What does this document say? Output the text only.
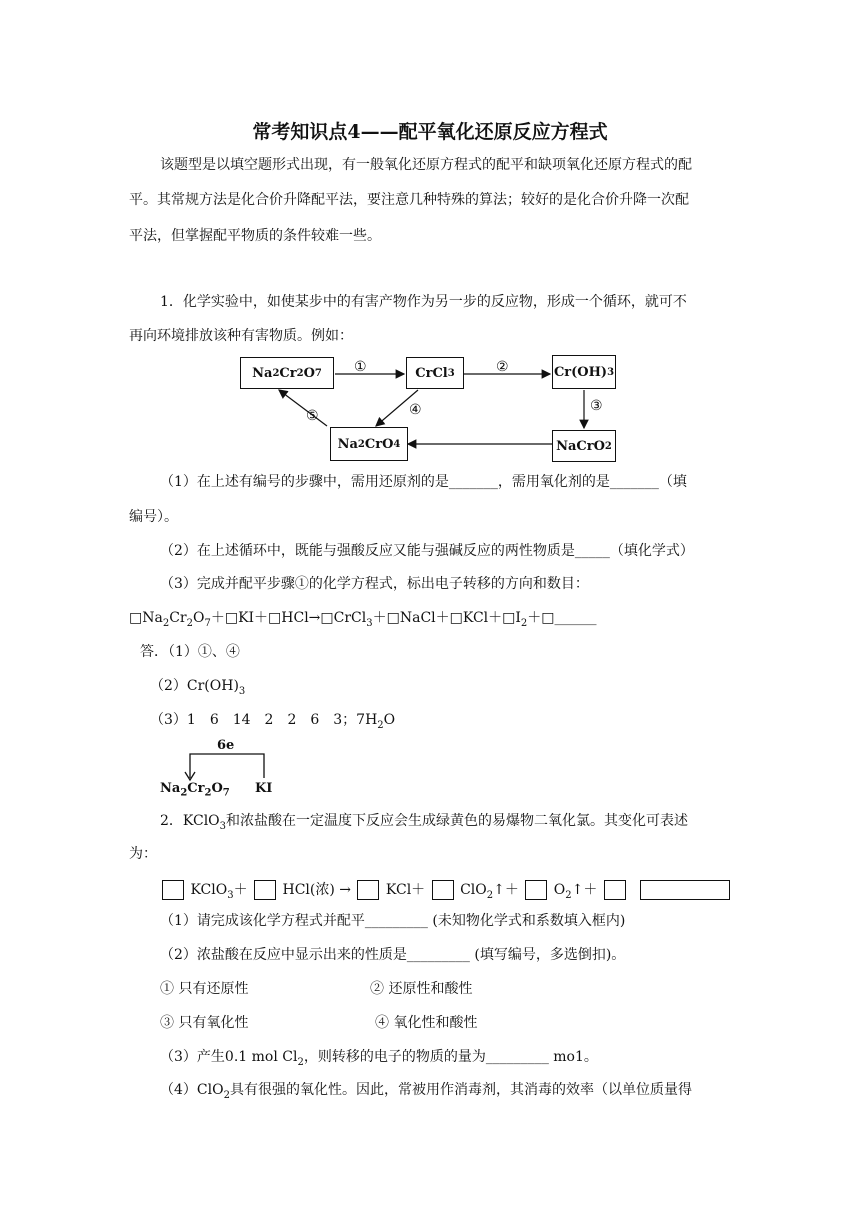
常考知识点4——配平氧化还原反应方程式
该题型是以填空题形式出现，有一般氧化还原方程式的配平和缺项氧化还原方程式的配
平。其常规方法是化合价升降配平法，要注意几种特殊的算法；较好的是化合价升降一次配
平法，但掌握配平物质的条件较难一些。
1．化学实验中，如使某步中的有害产物作为另一步的反应物，形成一个循环，就可不
再向环境排放该种有害物质。例如：
Na 2 Cr 2 O 7	CrCl 3	Cr(OH) 3
Na 2 CrO 4	NaCrO 2
①	②
③
④
⑤
（1）在上述有编号的步骤中，需用还原剂的是_______，需用氧化剂的是_______（填
编号）。
（2）在上述循环中，既能与强酸反应又能与强碱反应的两性物质是_____（填化学式）
（3）完成并配平步骤①的化学方程式，标出电子转移的方向和数目：
$□Na_2Cr_2O_7+□KI+□HCl\to□CrCl_3+□NaCl+□KCl+□I_2+□\_\_\_\_\_\_$
答．（1）①、④
$(2)Cr(OH)_3$
（3）1　6　14　2　2　6　3；$7H_2O$
6e
$Na_2Cr_2O_7$ KI
2．KClO$_3$和浓盐酸在一定温度下反应会生成绿黄色的易爆物二氧化氯。其变化可表述
为：
KClO$_3$＋ HCl(浓) → KCl＋ ClO$_2$↑＋ $O_2↑+$
（1）请完成该化学方程式并配平_________ (未知物化学式和系数填入框内)
（2）浓盐酸在反应中显示出来的性质是_________ (填写编号，多选倒扣)。
① 只有还原性	② 还原性和酸性
③ 只有氧化性	④ 氧化性和酸性
（3）产生0.1 mol $Cl_2$，则转移的电子的物质的量为_________ mo1。
（4）ClO$_2$具有很强的氧化性。因此，常被用作消毒剂，其消毒的效率（以单位质量得
